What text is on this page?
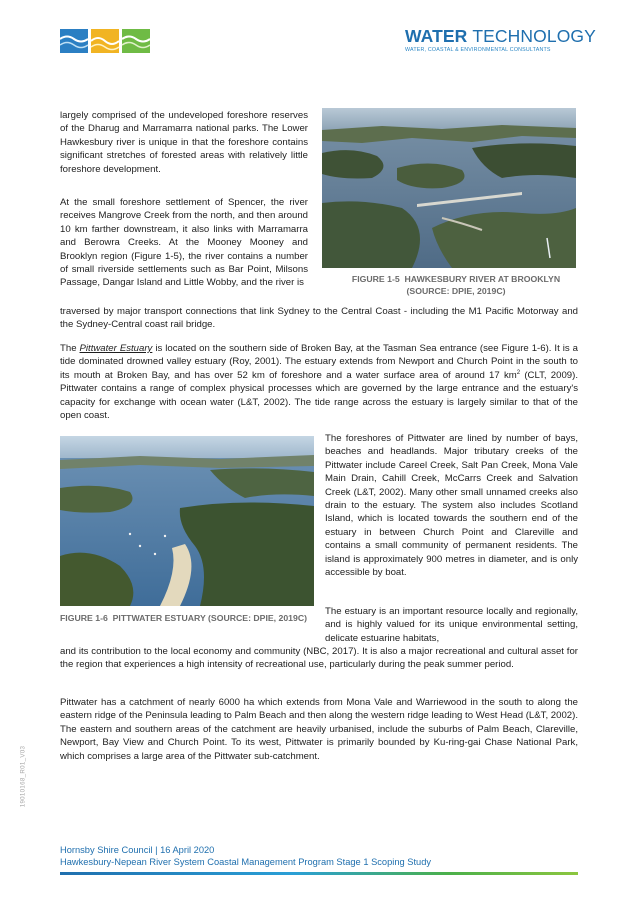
WATER TECHNOLOGY
WATER, COASTAL & ENVIRONMENTAL CONSULTANTS

largely comprised of the undeveloped foreshore reserves of the Dharug and Marramarra national parks. The Lower Hawkesbury river is unique in that the foreshore contains significant stretches of forested areas with relatively little foreshore development.

At the small foreshore settlement of Spencer, the river receives Mangrove Creek from the north, and then around 10 km farther downstream, it also links with Marramarra and Berowra Creeks. At the Mooney Mooney and Brooklyn region (Figure 1-5), the river contains a number of small riverside settlements such as Bar Point, Milsons Passage, Dangar Island and Little Wobby, and the river is	FIGURE 1-5 HAWKESBURY RIVER AT BROOKLYN (SOURCE: DPIE, 2019C)

traversed by major transport connections that link Sydney to the Central Coast - including the M1 Pacific Motorway and the Sydney-Central coast rail bridge.

The Pittwater Estuary is located on the southern side of Broken Bay, at the Tasman Sea entrance (see Figure 1-6). It is a tide dominated drowned valley estuary (Roy, 2001). The estuary extends from Newport and Church Point in the south to its mouth at Broken Bay, and has over 52 km of foreshore and a water surface area of around 17 $km^2$ (CLT, 2009). Pittwater contains a range of complex physical processes which are governed by the large entrance and the estuary's capacity for exchange with ocean water (L&T, 2002). The tide range across the estuary is largely similar to that of the open coast.

FIGURE 1-6 PITTWATER ESTUARY (SOURCE: DPIE, 2019C)

The foreshores of Pittwater are lined by number of bays, beaches and headlands. Major tributary creeks of the Pittwater include Careel Creek, Salt Pan Creek, Mona Vale Main Drain, Cahill Creek, McCarrs Creek and Salvation Creek (L&T, 2002). Many other small unnamed creeks also drain to the estuary. The system also includes Scotland Island, which is located towards the southern end of the estuary in between Church Point and Clareville and contains a small community of permanent residents. The island is approximately 900 metres in diameter, and is only accessible by boat.

The estuary is an important resource locally and regionally, and is highly valued for its unique environmental setting, delicate estuarine habitats,

and its contribution to the local economy and community (NBC, 2017). It is also a major recreational and cultural asset for the region that experiences a high intensity of recreational use, particularly during the peak summer period.

Pittwater has a catchment of nearly 6000 ha which extends from Mona Vale and Warriewood in the south to along the eastern ridge of the Peninsula leading to Palm Beach and then along the western ridge leading to West Head (L&T, 2002). The eastern and southern areas of the catchment are heavily urbanised, include the suburbs of Palm Beach, Clareville, Newport, Bay View and Church Point. To its west, Pittwater is primarily bounded by Ku-ring-gai Chase National Park, which comprises a large area of the Pittwater sub-catchment.

19010168_R01_V03
Hornsby Shire Council | 16 April 2020
Hawkesbury-Nepean River System Coastal Management Program Stage 1 Scoping Study
